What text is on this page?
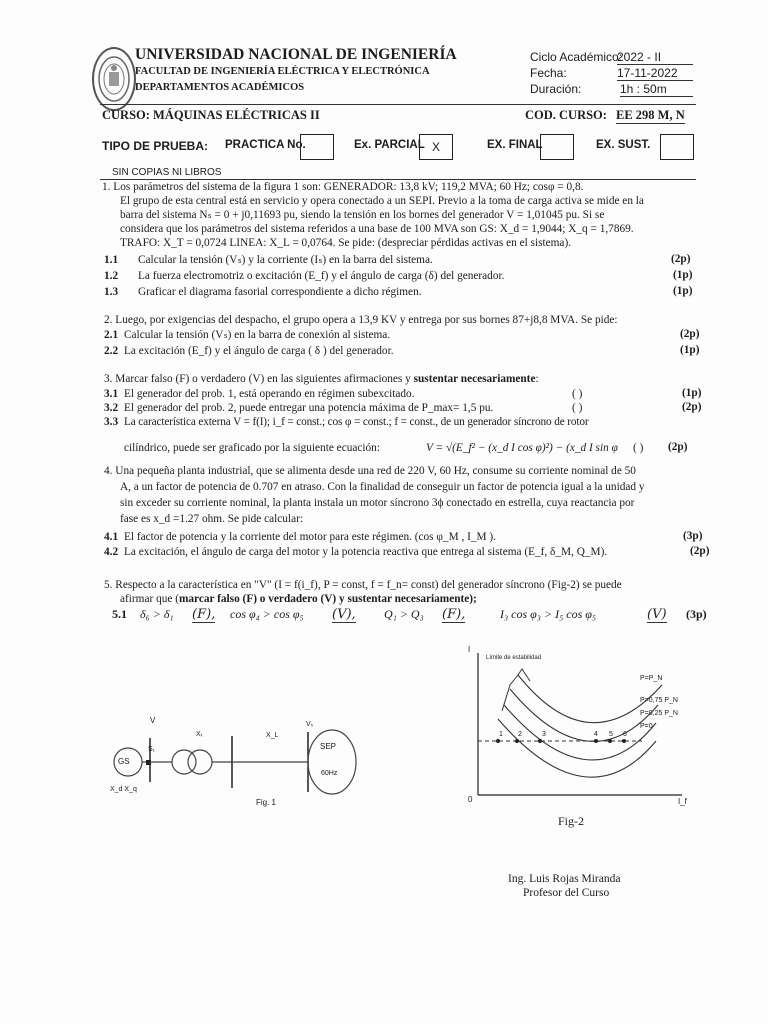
UNIVERSIDAD NACIONAL DE INGENIERÍA
FACULTAD DE INGENIERÍA ELÉCTRICA Y ELECTRÓNICA
DEPARTAMENTOS ACADÉMICOS
Ciclo Académico:
2022 - II
Fecha:	17-11-2022
Duración:	1h : 50m
CURSO: MÁQUINAS ELÉCTRICAS II	COD. CURSO: EE 298 M, N
TIPO DE PRUEBA: PRACTICA No.	Ex. PARCIAL X	EX. FINAL	EX. SUST.
SIN COPIAS NI LIBROS
1. Los parámetros del sistema de la figura 1 son: GENERADOR: 13,8 kV; 119,2 MVA; 60 Hz; cosφ = 0,8.
El grupo de esta central está en servicio y opera conectado a un SEPI. Previo a la toma de carga activa se mide en la
barra del sistema Nₛ = 0 + j0,11693 pu, siendo la tensión en los bornes del generador V = 1,01045 pu. Si se
considera que los parámetros del sistema referidos a una base de 100 MVA son GS: X_d = 1,9044; X_q = 1,7869.
TRAFO: X_T = 0,0724 LINEA: X_L = 0,0764. Se pide: (despreciar pérdidas activas en el sistema).
1.1 Calcular la tensión (Vₛ) y la corriente (Iₛ) en la barra del sistema.	(2p)
1.2 La fuerza electromotriz o excitación (E_f) y el ángulo de carga (δ) del generador.	(1p)
1.3 Graficar el diagrama fasorial correspondiente a dicho régimen.	(1p)
2. Luego, por exigencias del despacho, el grupo opera a 13,9 KV y entrega por sus bornes 87+j8,8 MVA. Se pide:
2.1 Calcular la tensión (Vₛ) en la barra de conexión al sistema.	(2p)
2.2 La excitación (E_f) y el ángulo de carga ( δ ) del generador.	(1p)
3. Marcar falso (F) o verdadero (V) en las siguientes afirmaciones y sustentar necesariamente:
3.1 El generador del prob. 1, está operando en régimen subexcitado.	( )	(1p)
3.2 El generador del prob. 2, puede entregar una potencia máxima de P_max= 1,5 pu.	( )	(2p)
3.3 La característica externa V = f(I); i_f = const.; cos φ = const.; f = const., de un generador síncrono de rotor
cilíndrico, puede ser graficado por la siguiente ecuación:	V = √(E_f² − (x_d I cos φ)²) − (x_d I sin φ ( ) (2p)
4. Una pequeña planta industrial, que se alimenta desde una red de 220 V, 60 Hz, consume su corriente nominal de 50
A, a un factor de potencia de 0.707 en atraso. Con la finalidad de conseguir un factor de potencia igual a la unidad y
sin exceder su corriente nominal, la planta instala un motor síncrono 3ϕ conectado en estrella, cuya reactancia por
fase es x_d =1.27 ohm. Se pide calcular:
4.1 El factor de potencia y la corriente del motor para este régimen. (cos φ_M , I_M ).	(3p)
4.2 La excitación, el ángulo de carga del motor y la potencia reactiva que entrega al sistema (E_f, δ_M, Q_M).	(2p)
5. Respecto a la característica en "V" (I = f(i_f), P = const, f = f_n= const) del generador síncrono (Fig-2) se puede
afirmar que (marcar falso (F) o verdadero (V) y sustentar necesariamente);
5.1 δ₆ > δ₁ (F), cos φ₄ > cos φ₅ (V), Q₁ > Q₃ (F),	I₃ cos φ₃ > I₅ cos φ₅	(V) (3p)
GS
V
S₁
X_d X_q
Xₜ	X_L
Vₛ
SEP
60Hz
Fig. 1
I
0	I_f
Límite de estabilidad
P=P_N
P=0,75 P_N
P=0,25 P_N
P=0
1 2	3	4 5 6
Fig-2
Ing. Luis Rojas Miranda
Profesor del Curso
